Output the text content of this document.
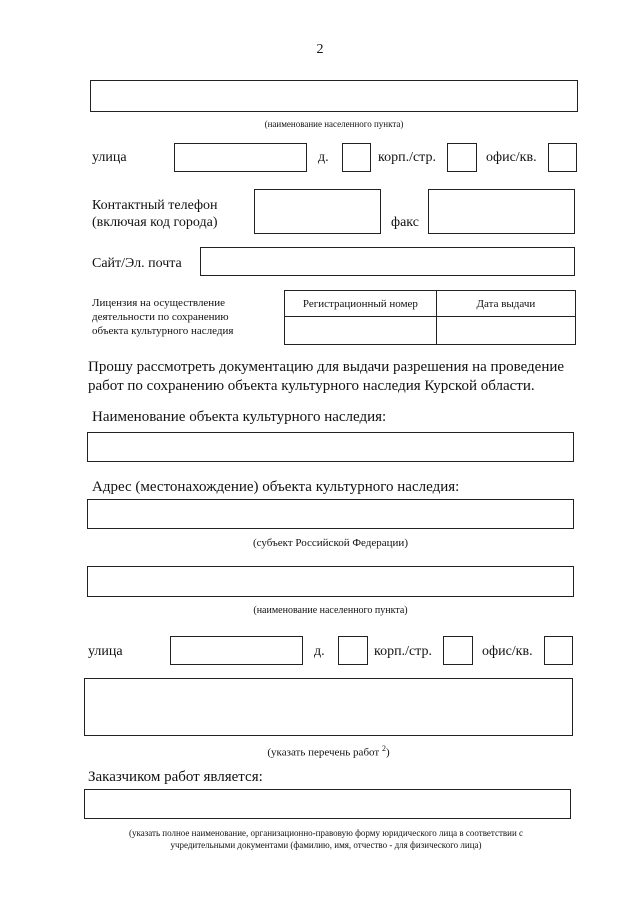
2
(наименование населенного пункта)
улица	д.	корп./стр.	офис/кв.
Контактный телефон
(включая код города)	факс
Сайт/Эл. почта
Лицензия на осуществление
деятельности по сохранению
объекта культурного наследия
Регистрационный номер	Дата выдачи

Прошу рассмотреть документацию для выдачи разрешения на проведение
работ по сохранению объекта культурного наследия Курской области.
Наименование объекта культурного наследия:
Адрес (местонахождение) объекта культурного наследия:
(субъект Российской Федерации)
(наименование населенного пункта)
улица	д.	корп./стр.	офис/кв.
(указать перечень работ $^2$)
Заказчиком работ является:
(указать полное наименование, организационно-правовую форму юридического лица в соответствии с
учредительными документами (фамилию, имя, отчество - для физического лица)
